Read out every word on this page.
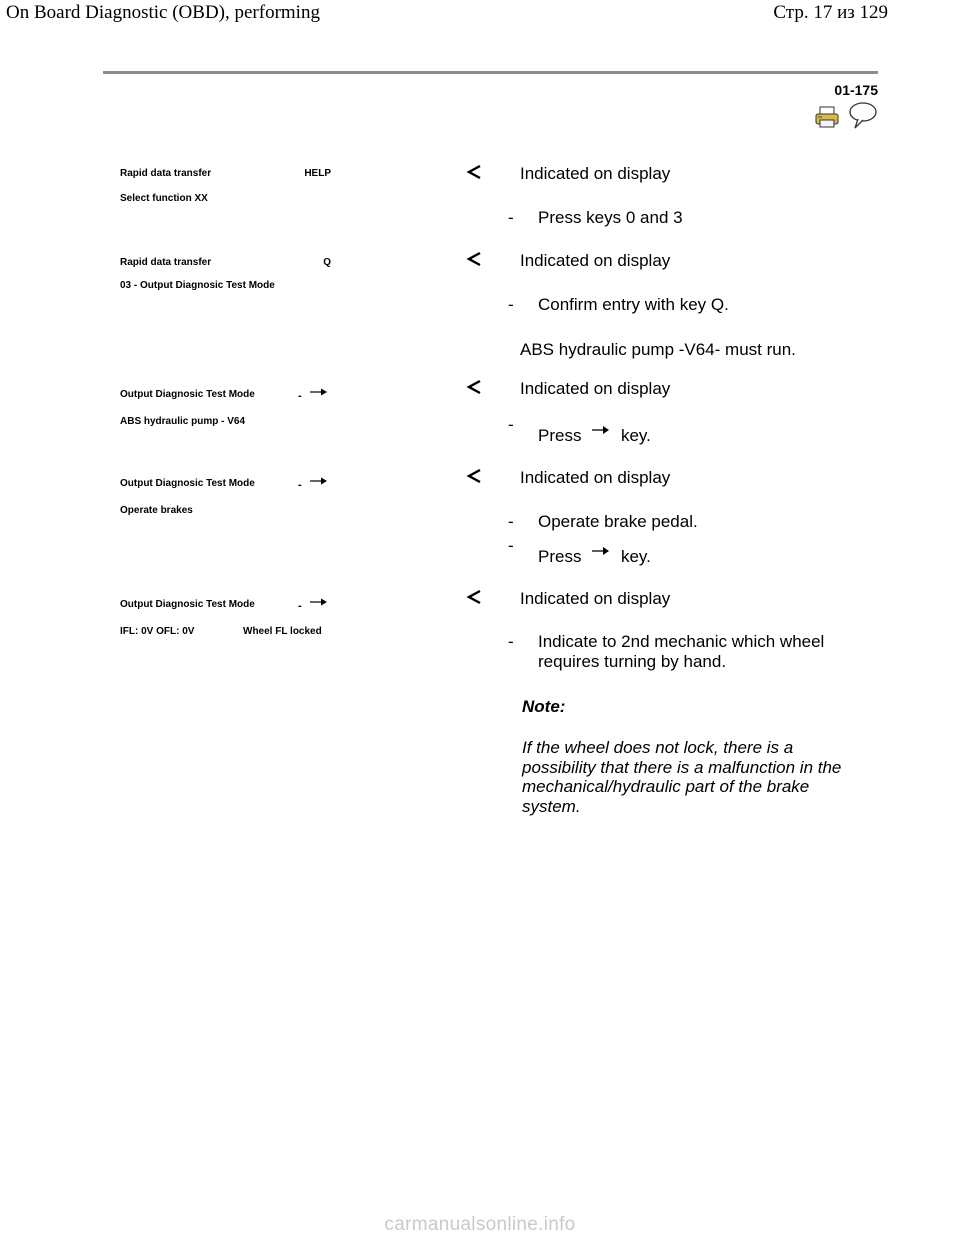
On Board Diagnostic (OBD), performing	Стр. 17 из 129
01-175
Rapid data transfer	HELP
Select function XX
Indicated on display
- Press keys 0 and 3
Rapid data transfer	Q
03 - Output Diagnosic Test Mode
Indicated on display
- Confirm entry with key Q.
ABS hydraulic pump -V64- must run.
Output Diagnosic Test Mode	-
ABS hydraulic pump - V64
Indicated on display
-
Press key.
Output Diagnosic Test Mode	-
Operate brakes
Indicated on display
- Operate brake pedal.
-
Press key.
Output Diagnosic Test Mode	-
IFL: 0V OFL: 0V	Wheel FL locked
Indicated on display
- Indicate to 2nd mechanic which wheel
requires turning by hand.
Note:
If the wheel does not lock, there is a
possibility that there is a malfunction in the
mechanical/hydraulic part of the brake
system.
carmanualsonline.info
